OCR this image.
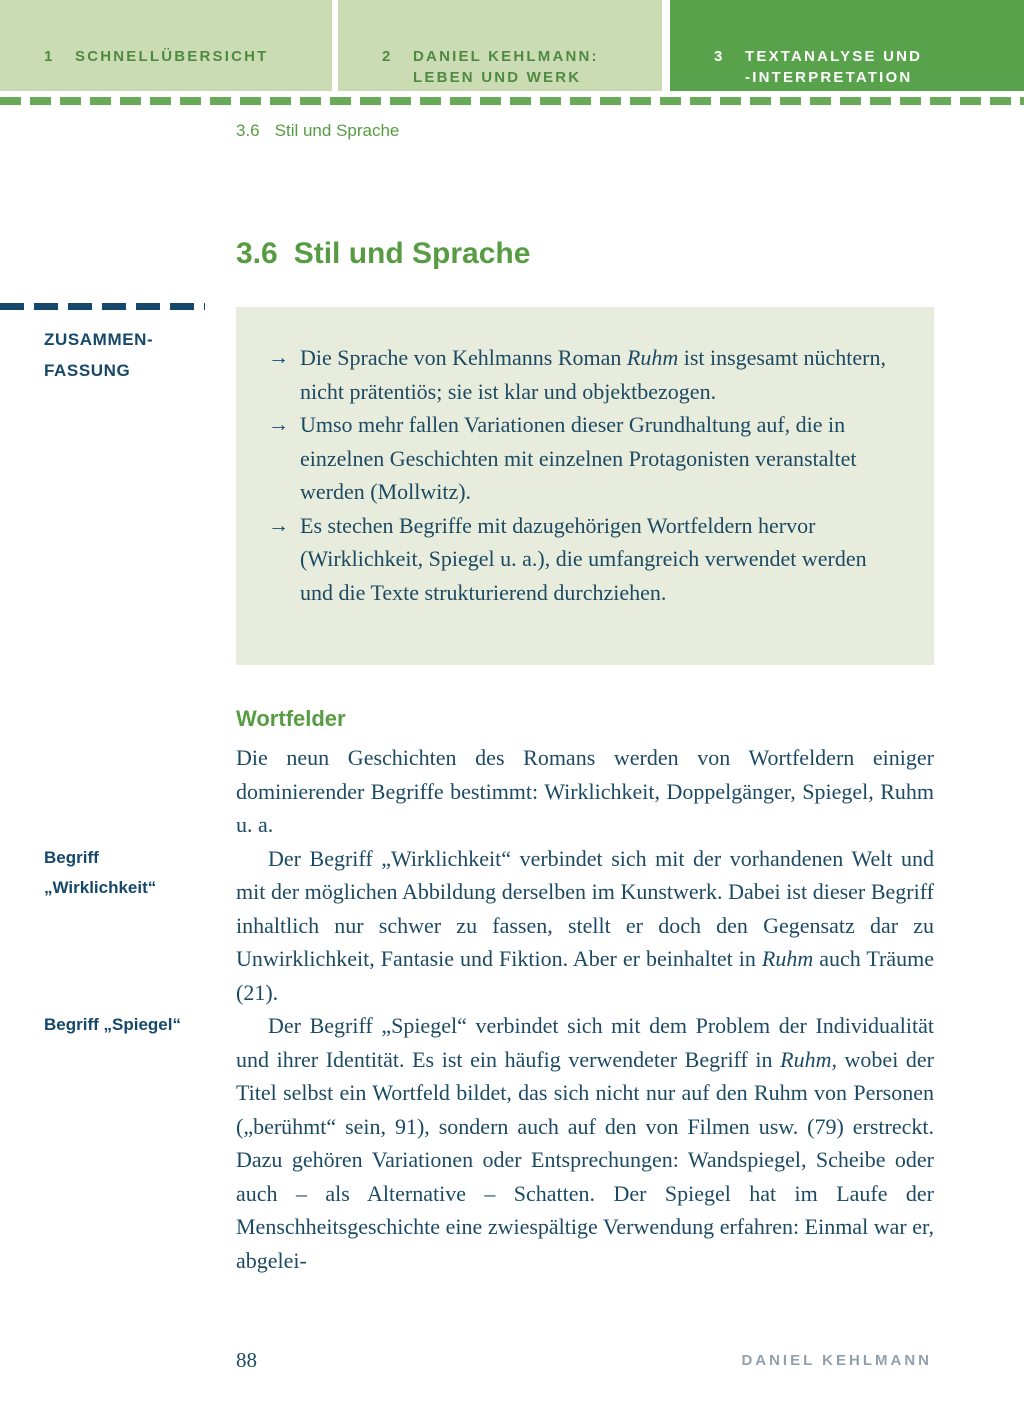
1	SCHNELLÜBERSICHT	2	DANIEL KEHLMANN:
LEBEN UND WERK
3	TEXTANALYSE UND
-INTERPRETATION
3.6 Stil und Sprache
3.6 Stil und Sprache
ZUSAMMEN-
FASSUNG
→ Die Sprache von Kehlmanns Roman Ruhm ist insgesamt nüchtern, nicht prätentiös; sie ist klar und objektbezogen.

→ Umso mehr fallen Variationen dieser Grundhaltung auf, die in einzelnen Geschichten mit einzelnen Protagonisten veranstaltet werden (Mollwitz).

→ Es stechen Begriffe mit dazugehörigen Wortfeldern hervor (Wirklichkeit, Spiegel u. a.), die umfangreich verwendet werden und die Texte strukturierend durchziehen.

Wortfelder

Die neun Geschichten des Romans werden von Wortfeldern einiger dominierender Begriffe bestimmt: Wirklichkeit, Doppelgänger, Spiegel, Ruhm u. a.

Der Begriff „Wirklichkeit“ verbindet sich mit der vorhandenen Welt und mit der möglichen Abbildung derselben im Kunstwerk. Dabei ist dieser Begriff inhaltlich nur schwer zu fassen, stellt er doch den Gegensatz dar zu Unwirklichkeit, Fantasie und Fiktion. Aber er beinhaltet in Ruhm auch Träume (21).

Der Begriff „Spiegel“ verbindet sich mit dem Problem der Individualität und ihrer Identität. Es ist ein häufig verwendeter Begriff in Ruhm, wobei der Titel selbst ein Wortfeld bildet, das sich nicht nur auf den Ruhm von Personen („berühmt“ sein, 91), sondern auch auf den von Filmen usw. (79) erstreckt. Dazu gehören Variationen oder Entsprechungen: Wandspiegel, Scheibe oder auch – als Alternative – Schatten. Der Spiegel hat im Laufe der Menschheitsgeschichte eine zwiespältige Verwendung erfahren: Einmal war er, abgelei-

Begriff
„Wirklichkeit“
Begriff „Spiegel“
88	DANIEL KEHLMANN
